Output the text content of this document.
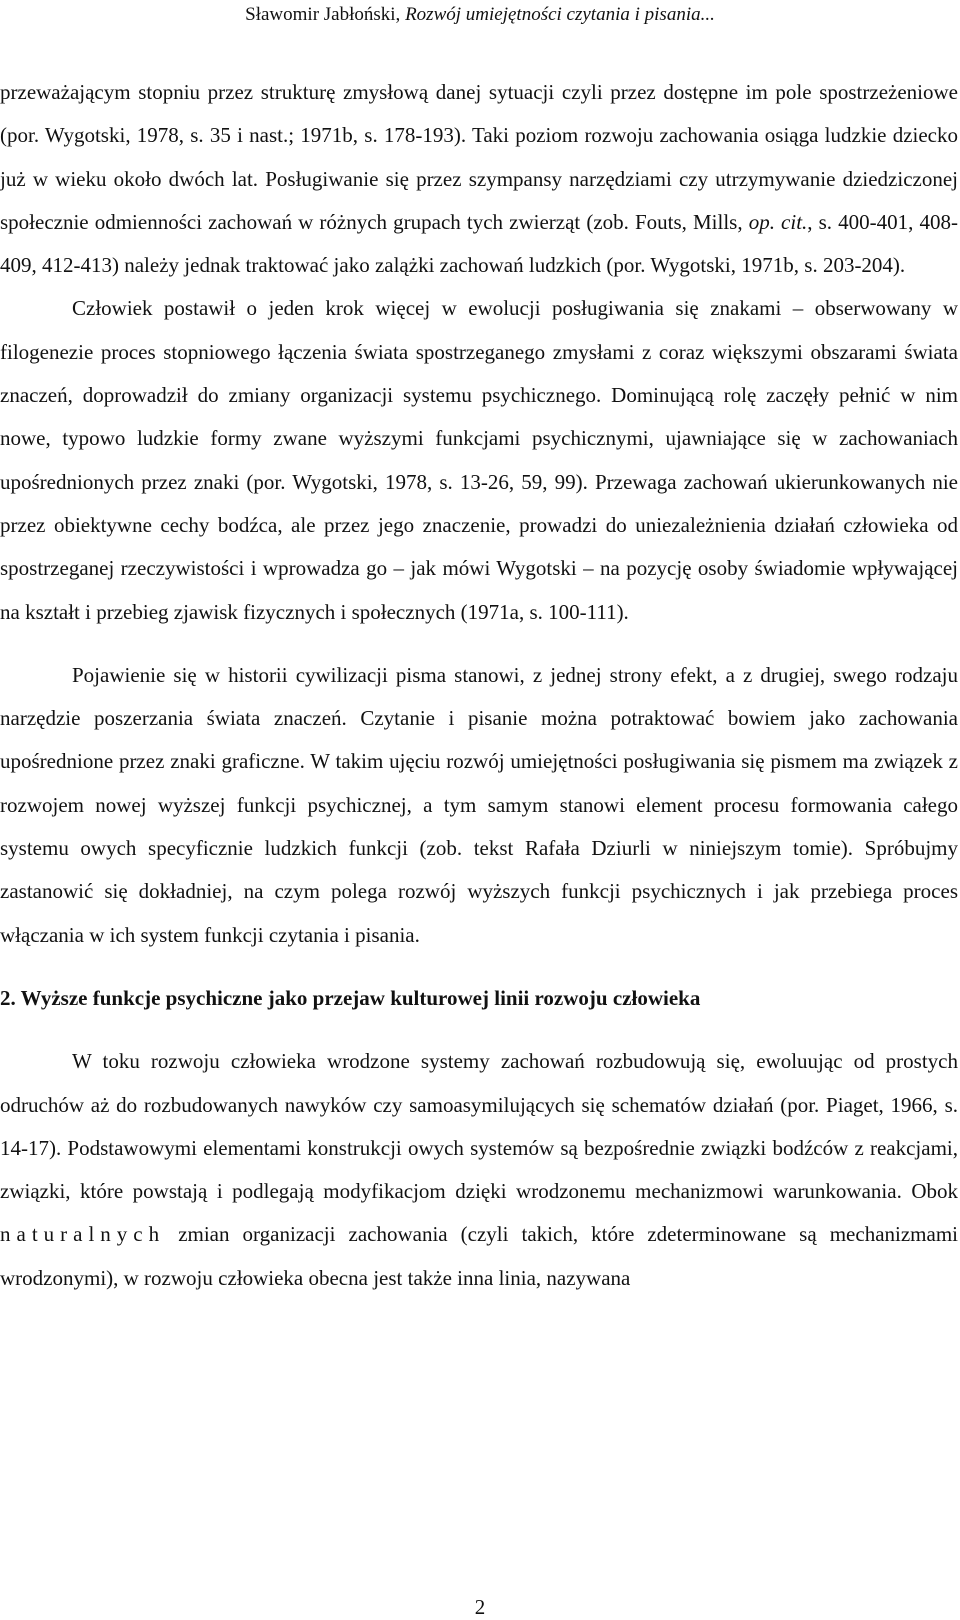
Sławomir Jabłoński, Rozwój umiejętności czytania i pisania...

przeważającym stopniu przez strukturę zmysłową danej sytuacji czyli przez dostępne im pole spostrzeżeniowe (por. Wygotski, 1978, s. 35 i nast.; 1971b, s. 178-193). Taki poziom rozwoju zachowania osiąga ludzkie dziecko już w wieku około dwóch lat. Posługiwanie się przez szympansy narzędziami czy utrzymywanie dziedziczonej społecznie odmienności zachowań w różnych grupach tych zwierząt (zob. Fouts, Mills, op. cit., s. 400-401, 408-409, 412-413) należy jednak traktować jako zalążki zachowań ludzkich (por. Wygotski, 1971b, s. 203-204).

Człowiek postawił o jeden krok więcej w ewolucji posługiwania się znakami – obserwowany w filogenezie proces stopniowego łączenia świata spostrzeganego zmysłami z coraz większymi obszarami świata znaczeń, doprowadził do zmiany organizacji systemu psychicznego. Dominującą rolę zaczęły pełnić w nim nowe, typowo ludzkie formy zwane wyższymi funkcjami psychicznymi, ujawniające się w zachowaniach upośrednionych przez znaki (por. Wygotski, 1978, s. 13-26, 59, 99). Przewaga zachowań ukierunkowanych nie przez obiektywne cechy bodźca, ale przez jego znaczenie, prowadzi do uniezależnienia działań człowieka od spostrzeganej rzeczywistości i wprowadza go – jak mówi Wygotski – na pozycję osoby świadomie wpływającej na kształt i przebieg zjawisk fizycznych i społecznych (1971a, s. 100-111).

Pojawienie się w historii cywilizacji pisma stanowi, z jednej strony efekt, a z drugiej, swego rodzaju narzędzie poszerzania świata znaczeń. Czytanie i pisanie można potraktować bowiem jako zachowania upośrednione przez znaki graficzne. W takim ujęciu rozwój umiejętności posługiwania się pismem ma związek z rozwojem nowej wyższej funkcji psychicznej, a tym samym stanowi element procesu formowania całego systemu owych specyficznie ludzkich funkcji (zob. tekst Rafała Dziurli w niniejszym tomie). Spróbujmy zastanowić się dokładniej, na czym polega rozwój wyższych funkcji psychicznych i jak przebiega proces włączania w ich system funkcji czytania i pisania.

2. Wyższe funkcje psychiczne jako przejaw kulturowej linii rozwoju człowieka

W toku rozwoju człowieka wrodzone systemy zachowań rozbudowują się, ewoluując od prostych odruchów aż do rozbudowanych nawyków czy samoasymilujących się schematów działań (por. Piaget, 1966, s. 14-17). Podstawowymi elementami konstrukcji owych systemów są bezpośrednie związki bodźców z reakcjami, związki, które powstają i podlegają modyfikacjom dzięki wrodzonemu mechanizmowi warunkowania. Obok naturalnych zmian organizacji zachowania (czyli takich, które zdeterminowane są mechanizmami wrodzonymi), w rozwoju człowieka obecna jest także inna linia, nazywana

2
